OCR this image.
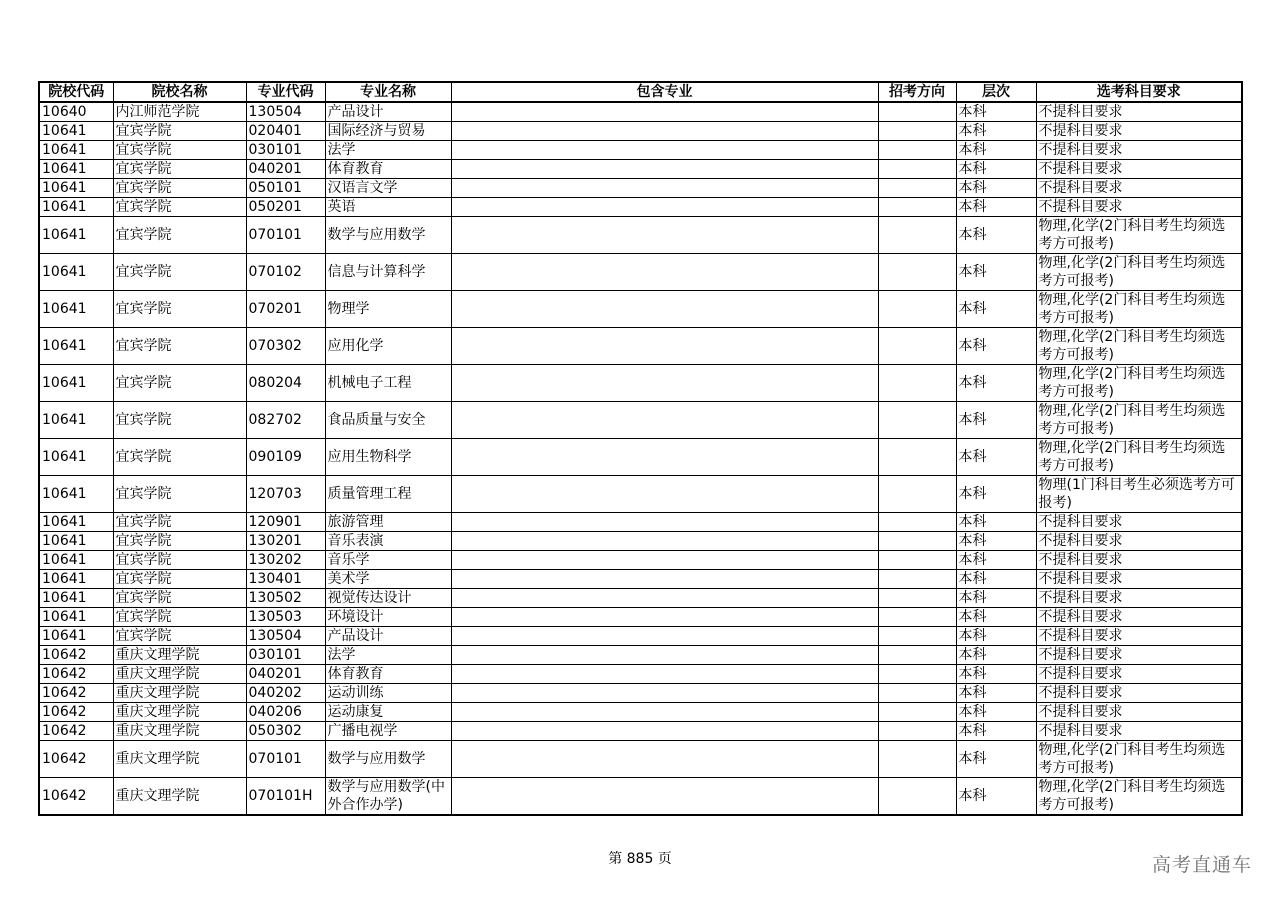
院校代码	院校名称	专业代码	专业名称	包含专业	招考方向	层次	选考科目要求
10640	内江师范学院	130504	产品设计			本科	不提科目要求
10641	宜宾学院	020401	国际经济与贸易			本科	不提科目要求
10641	宜宾学院	030101	法学			本科	不提科目要求
10641	宜宾学院	040201	体育教育			本科	不提科目要求
10641	宜宾学院	050101	汉语言文学			本科	不提科目要求
10641	宜宾学院	050201	英语			本科	不提科目要求
10641	宜宾学院	070101	数学与应用数学			本科	物理,化学(2门科目考生均须选考方可报考)
10641	宜宾学院	070102	信息与计算科学			本科	物理,化学(2门科目考生均须选考方可报考)
10641	宜宾学院	070201	物理学			本科	物理,化学(2门科目考生均须选考方可报考)
10641	宜宾学院	070302	应用化学			本科	物理,化学(2门科目考生均须选考方可报考)
10641	宜宾学院	080204	机械电子工程			本科	物理,化学(2门科目考生均须选考方可报考)
10641	宜宾学院	082702	食品质量与安全			本科	物理,化学(2门科目考生均须选考方可报考)
10641	宜宾学院	090109	应用生物科学			本科	物理,化学(2门科目考生均须选考方可报考)
10641	宜宾学院	120703	质量管理工程			本科	物理(1门科目考生必须选考方可报考)
10641	宜宾学院	120901	旅游管理			本科	不提科目要求
10641	宜宾学院	130201	音乐表演			本科	不提科目要求
10641	宜宾学院	130202	音乐学			本科	不提科目要求
10641	宜宾学院	130401	美术学			本科	不提科目要求
10641	宜宾学院	130502	视觉传达设计			本科	不提科目要求
10641	宜宾学院	130503	环境设计			本科	不提科目要求
10641	宜宾学院	130504	产品设计			本科	不提科目要求
10642	重庆文理学院	030101	法学			本科	不提科目要求
10642	重庆文理学院	040201	体育教育			本科	不提科目要求
10642	重庆文理学院	040202	运动训练			本科	不提科目要求
10642	重庆文理学院	040206	运动康复			本科	不提科目要求
10642	重庆文理学院	050302	广播电视学			本科	不提科目要求
10642	重庆文理学院	070101	数学与应用数学			本科	物理,化学(2门科目考生均须选考方可报考)
10642	重庆文理学院	070101H	数学与应用数学(中外合作办学)			本科	物理,化学(2门科目考生均须选考方可报考)
第 885 页	高考直通车
